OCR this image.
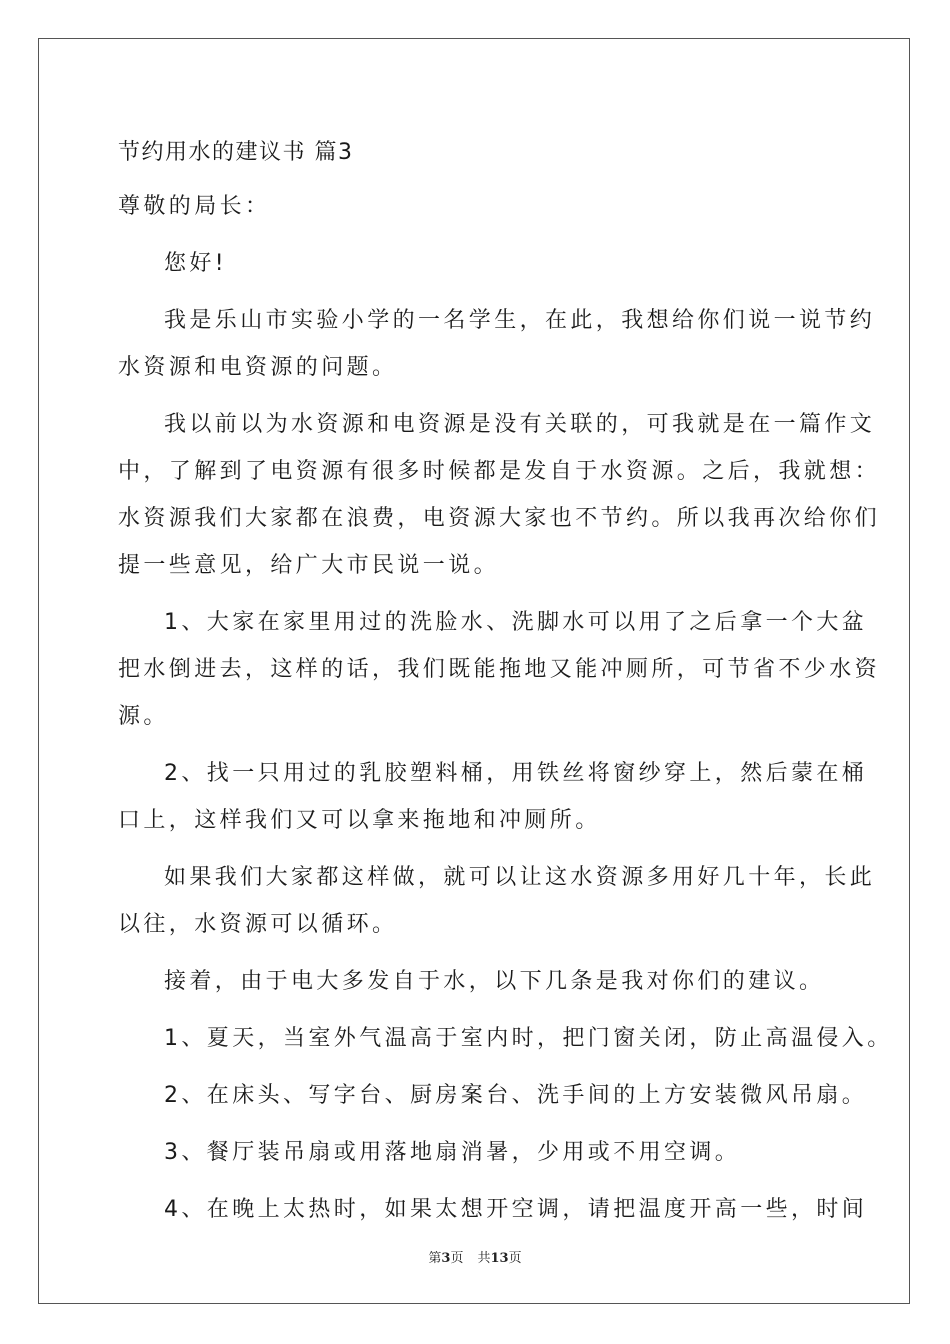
节约用水的建议书 篇3
尊敬的局长：
您好!
我是乐山市实验小学的一名学生，在此，我想给你们说一说节约
水资源和电资源的问题。
我以前以为水资源和电资源是没有关联的，可我就是在一篇作文
中，了解到了电资源有很多时候都是发自于水资源。之后，我就想：
水资源我们大家都在浪费，电资源大家也不节约。所以我再次给你们
提一些意见，给广大市民说一说。
1、大家在家里用过的洗脸水、洗脚水可以用了之后拿一个大盆
把水倒进去，这样的话，我们既能拖地又能冲厕所，可节省不少水资
源。
2、找一只用过的乳胶塑料桶，用铁丝将窗纱穿上，然后蒙在桶
口上，这样我们又可以拿来拖地和冲厕所。
如果我们大家都这样做，就可以让这水资源多用好几十年，长此
以往，水资源可以循环。
接着，由于电大多发自于水，以下几条是我对你们的建议。
1、夏天，当室外气温高于室内时，把门窗关闭，防止高温侵入。
2、在床头、写字台、厨房案台、洗手间的上方安装微风吊扇。
3、餐厅装吊扇或用落地扇消暑，少用或不用空调。
4、在晚上太热时，如果太想开空调，请把温度开高一些，时间
第3页 共13页
